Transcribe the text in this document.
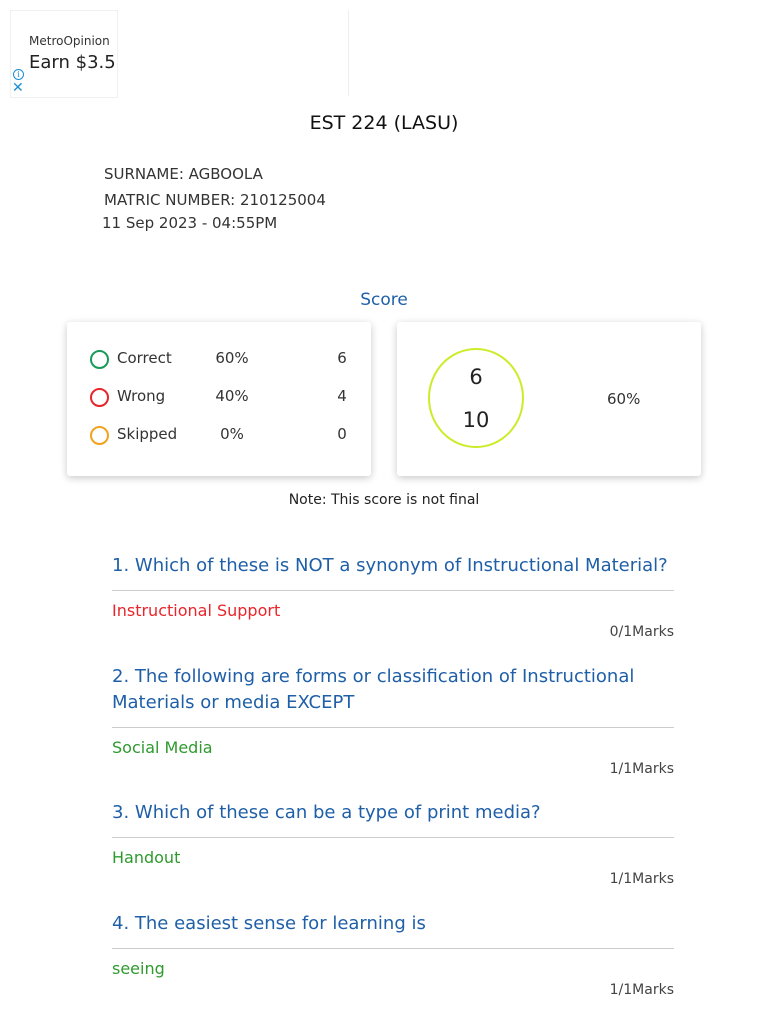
MetroOpinion
Earn $3.5
i
✕
EST 224 (LASU)
SURNAME: AGBOOLA
MATRIC NUMBER: 210125004
11 Sep 2023 - 04:55PM
Score
Correct	60%	6
Wrong	40%	4
Skipped	0%	0
6
10
60%
Note: This score is not final
1. Which of these is NOT a synonym of Instructional Material?
Instructional Support
0/1Marks
2. The following are forms or classification of Instructional Materials or media EXCEPT
Social Media
1/1Marks
3. Which of these can be a type of print media?
Handout
1/1Marks
4. The easiest sense for learning is
seeing
1/1Marks
